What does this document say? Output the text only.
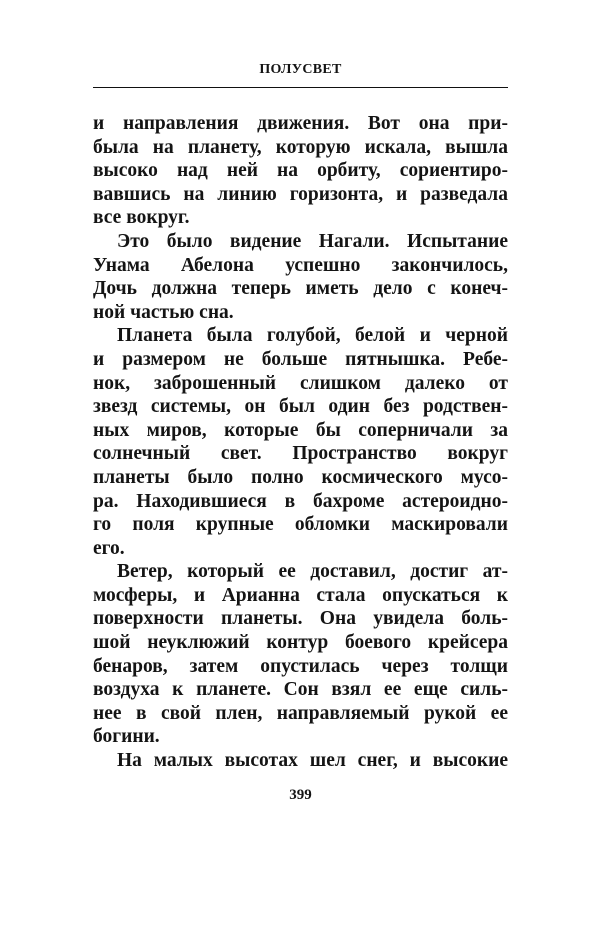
ПОЛУСВЕТ
и направления движения. Вот она при-
была на планету, которую искала, вышла
высоко над ней на орбиту, сориентиро-
вавшись на линию горизонта, и разведала
все вокруг.
Это было видение Нагали. Испытание
Унама Абелона успешно закончилось,
Дочь должна теперь иметь дело с конеч-
ной частью сна.
Планета была голубой, белой и черной
и размером не больше пятнышка. Ребе-
нок, заброшенный слишком далеко от
звезд системы, он был один без родствен-
ных миров, которые бы соперничали за
солнечный свет. Пространство вокруг
планеты было полно космического мусо-
ра. Находившиеся в бахроме астероидно-
го поля крупные обломки маскировали
его.
Ветер, который ее доставил, достиг ат-
мосферы, и Арианна стала опускаться к
поверхности планеты. Она увидела боль-
шой неуклюжий контур боевого крейсера
бенаров, затем опустилась через толщи
воздуха к планете. Сон взял ее еще силь-
нее в свой плен, направляемый рукой ее
богини.
На малых высотах шел снег, и высокие
399
